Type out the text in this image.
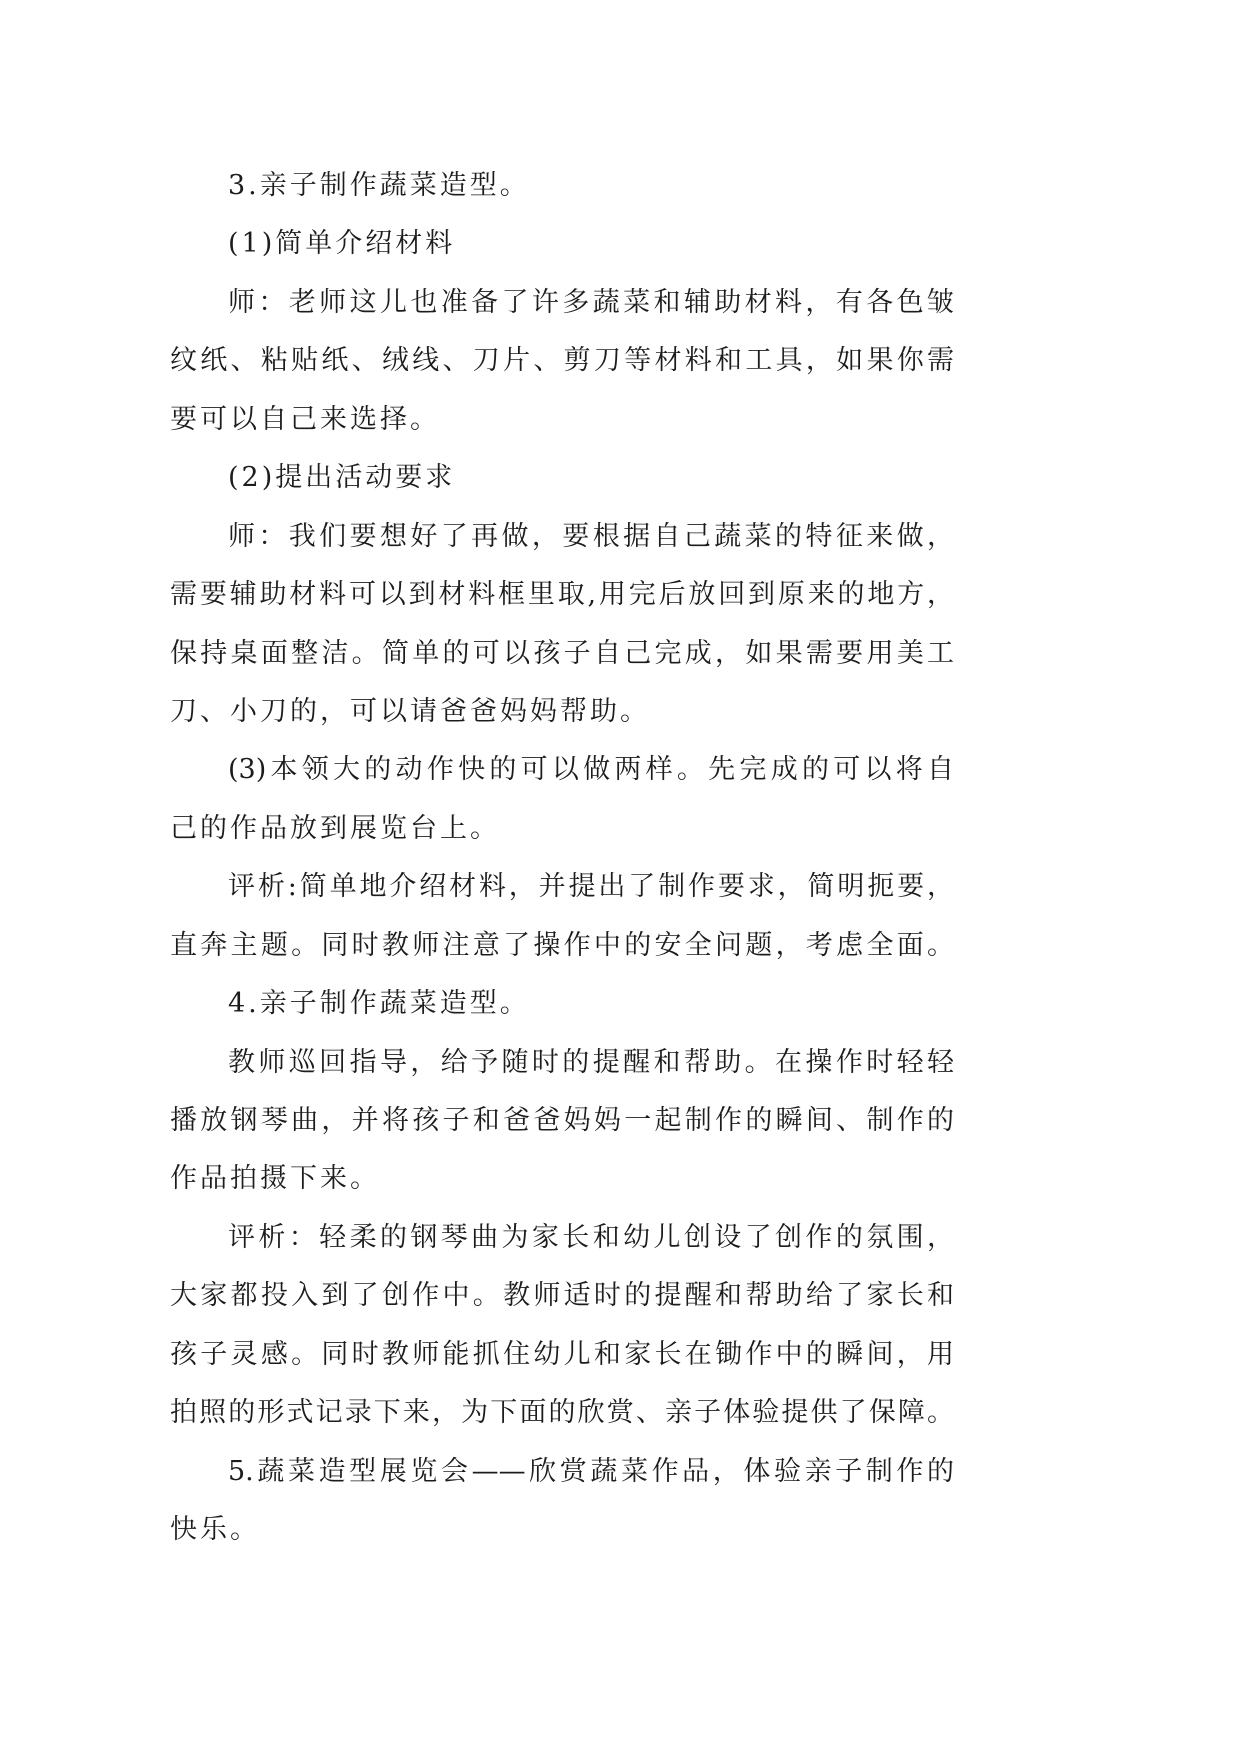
3.亲子制作蔬菜造型。
(1)简单介绍材料
师：老师这儿也准备了许多蔬菜和辅助材料，有各色皱
纹纸、粘贴纸、绒线、刀片、剪刀等材料和工具，如果你需
要可以自己来选择。
(2)提出活动要求
师：我们要想好了再做，要根据自己蔬菜的特征来做，
需要辅助材料可以到材料框里取,用完后放回到原来的地方，
保持桌面整洁。简单的可以孩子自己完成，如果需要用美工
刀、小刀的，可以请爸爸妈妈帮助。
(3)本领大的动作快的可以做两样。先完成的可以将自
己的作品放到展览台上。
评析:简单地介绍材料，并提出了制作要求，简明扼要，
直奔主题。同时教师注意了操作中的安全问题，考虑全面。
4.亲子制作蔬菜造型。
教师巡回指导，给予随时的提醒和帮助。在操作时轻轻
播放钢琴曲，并将孩子和爸爸妈妈一起制作的瞬间、制作的
作品拍摄下来。
评析：轻柔的钢琴曲为家长和幼儿创设了创作的氛围，
大家都投入到了创作中。教师适时的提醒和帮助给了家长和
孩子灵感。同时教师能抓住幼儿和家长在锄作中的瞬间，用
拍照的形式记录下来，为下面的欣赏、亲子体验提供了保障。
5.蔬菜造型展览会——欣赏蔬菜作品，体验亲子制作的
快乐。
